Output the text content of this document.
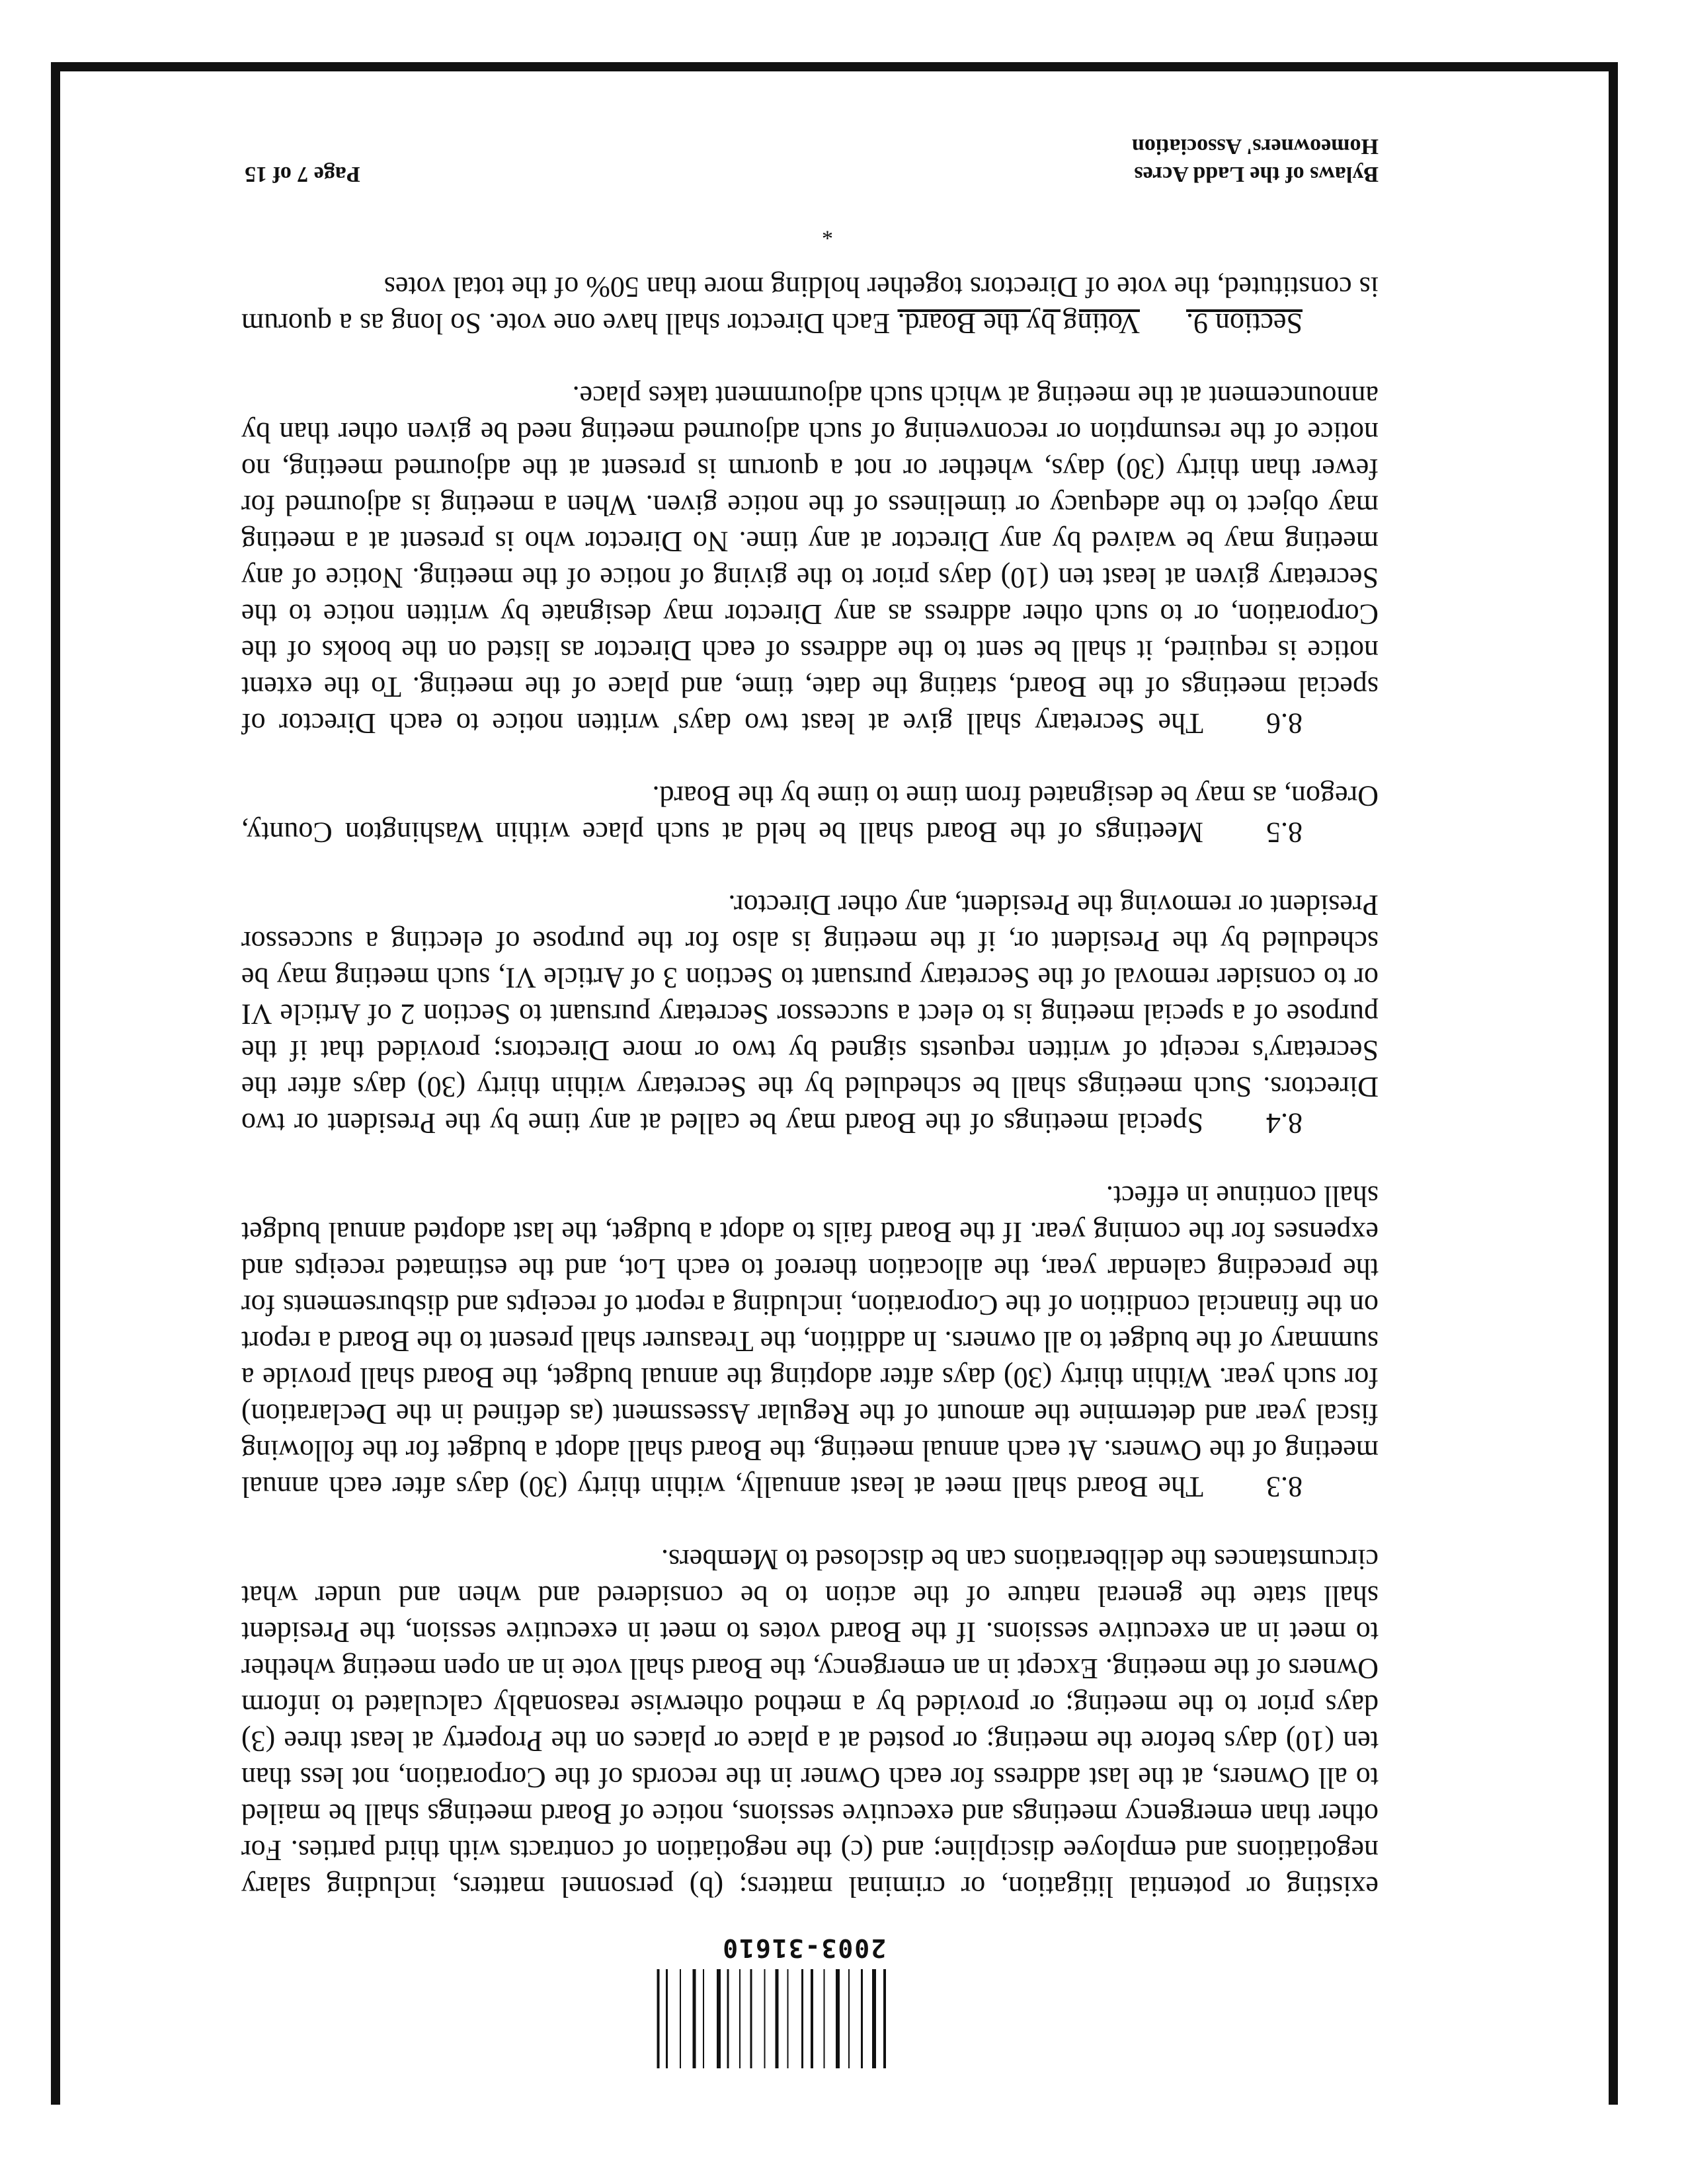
2003-31610

existing or potential litigation, or criminal matters; (b) personnel matters, including salary negotiations and employee discipline; and (c) the negotiation of contracts with third parties. For other than emergency meetings and executive sessions, notice of Board meetings shall be mailed to all Owners, at the last address for each Owner in the records of the Corporation, not less than ten (10) days before the meeting; or posted at a place or places on the Property at least three (3) days prior to the meeting; or provided by a method otherwise reasonably calculated to inform Owners of the meeting. Except in an emergency, the Board shall vote in an open meeting whether to meet in an executive sessions. If the Board votes to meet in executive session, the President shall state the general nature of the action to be considered and when and under what circumstances the deliberations can be disclosed to Members.

8.3The Board shall meet at least annually, within thirty (30) days after each annual meeting of the Owners. At each annual meeting, the Board shall adopt a budget for the following fiscal year and determine the amount of the Regular Assessment (as defined in the Declaration) for such year. Within thirty (30) days after adopting the annual budget, the Board shall provide a summary of the budget to all owners. In addition, the Treasurer shall present to the Board a report on the financial condition of the Corporation, including a report of receipts and disbursements for the preceding calendar year, the allocation thereof to each Lot, and the estimated receipts and expenses for the coming year. If the Board fails to adopt a budget, the last adopted annual budget shall continue in effect.

8.4Special meetings of the Board may be called at any time by the President or two Directors. Such meetings shall be scheduled by the Secretary within thirty (30) days after the Secretary's receipt of written requests signed by two or more Directors; provided that if the purpose of a special meeting is to elect a successor Secretary pursuant to Section 2 of Article VI or to consider removal of the Secretary pursuant to Section 3 of Article VI, such meeting may be scheduled by the President or, if the meeting is also for the purpose of electing a successor President or removing the President, any other Director.

8.5Meetings of the Board shall be held at such place within Washington County, Oregon, as may be designated from time to time by the Board.

8.6The Secretary shall give at least two days' written notice to each Director of special meetings of the Board, stating the date, time, and place of the meeting. To the extent notice is required, it shall be sent to the address of each Director as listed on the books of the Corporation, or to such other address as any Director may designate by written notice to the Secretary given at least ten (10) days prior to the giving of notice of the meeting. Notice of any meeting may be waived by any Director at any time. No Director who is present at a meeting may object to the adequacy or timeliness of the notice given. When a meeting is adjourned for fewer than thirty (30) days, whether or not a quorum is present at the adjourned meeting, no notice of the resumption or reconvening of such adjourned meeting need be given other than by announcement at the meeting at which such adjournment takes place.

Section 9.Voting by the Board. Each Director shall have one vote. So long as a quorum is constituted, the vote of Directors together holding more than 50% of the total votes

*
Bylaws of the Ladd Acres
Homeowners' Association
Page 7 of 15
